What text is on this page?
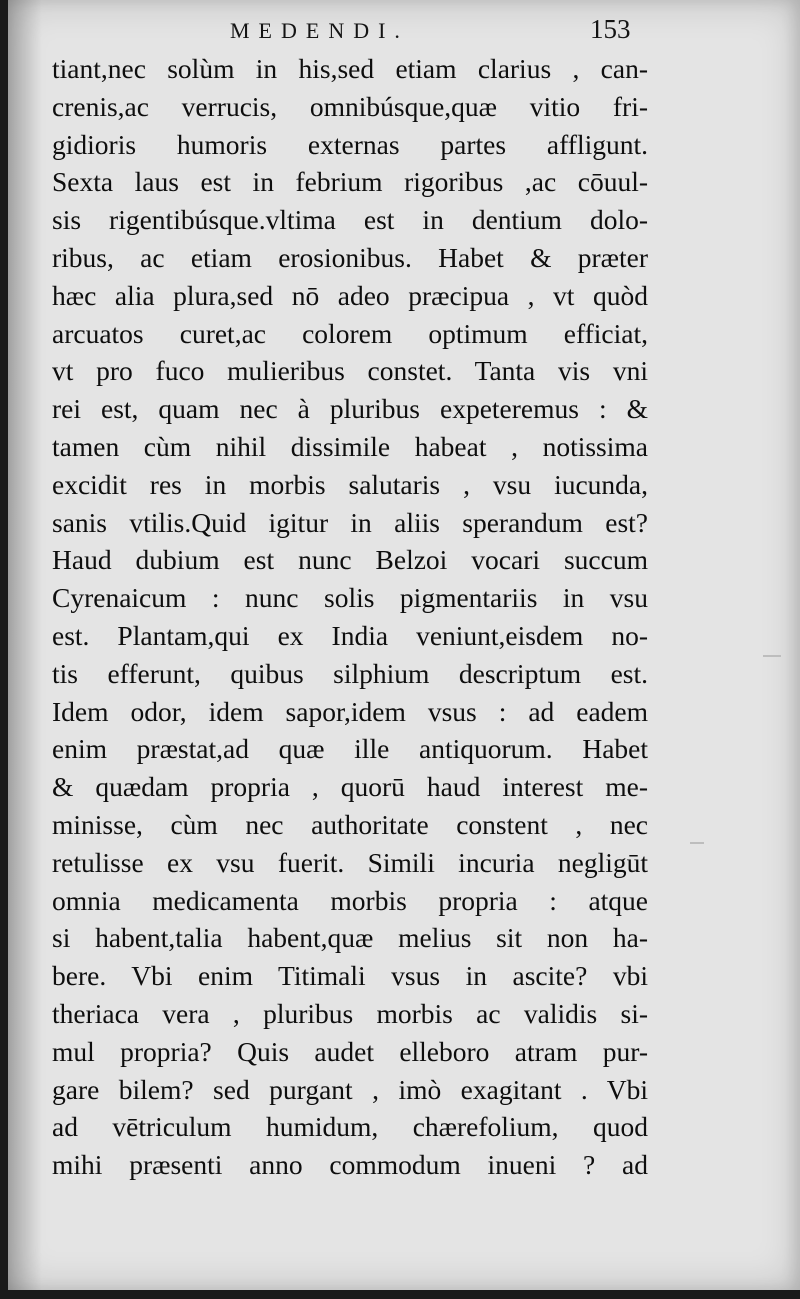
MEDENDI.	153
tiant,nec solùm in his,sed etiam clarius , can-
crenis,ac verrucis, omnibúsque,quæ vitio fri-
gidioris humoris externas partes affligunt.
Sexta laus est in febrium rigoribus ,ac cōuul-
sis rigentibúsque.vltima est in dentium dolo-
ribus, ac etiam erosionibus. Habet & præter
hæc alia plura,sed nō adeo præcipua , vt quòd
arcuatos curet,ac colorem optimum efficiat,
vt pro fuco mulieribus constet. Tanta vis vni
rei est, quam nec à pluribus expeteremus : &
tamen cùm nihil dissimile habeat , notissima
excidit res in morbis salutaris , vsu iucunda,
sanis vtilis.Quid igitur in aliis sperandum est?
Haud dubium est nunc Belzoi vocari succum
Cyrenaicum : nunc solis pigmentariis in vsu
est. Plantam,qui ex India veniunt,eisdem no-
tis efferunt, quibus silphium descriptum est.
Idem odor, idem sapor,idem vsus : ad eadem
enim præstat,ad quæ ille antiquorum. Habet
& quædam propria , quorū haud interest me-
minisse, cùm nec authoritate constent , nec
retulisse ex vsu fuerit. Simili incuria negligūt
omnia medicamenta morbis propria : atque
si habent,talia habent,quæ melius sit non ha-
bere. Vbi enim Titimali vsus in ascite? vbi
theriaca vera , pluribus morbis ac validis si-
mul propria? Quis audet elleboro atram pur-
gare bilem? sed purgant , imò exagitant . Vbi
ad vētriculum humidum, chærefolium, quod
mihi præsenti anno commodum inueni ? ad
